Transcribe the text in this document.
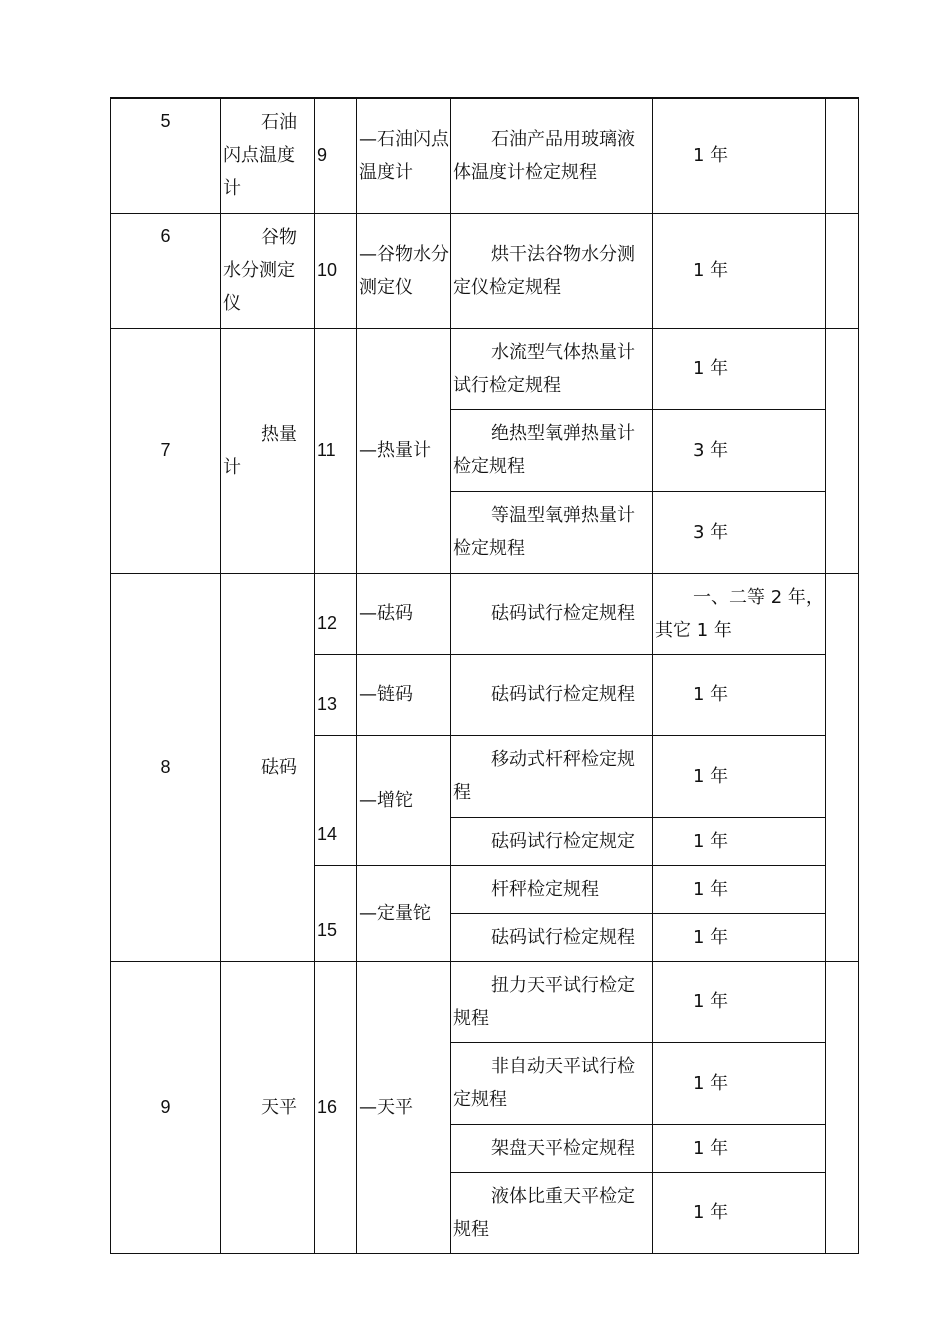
5	石油闪点温度计	9	—石油闪点温度计	石油产品用玻璃液体温度计检定规程	1 年	
6	谷物水分测定仪	10	—谷物水分测定仪	烘干法谷物水分测定仪检定规程	1 年	
7	热量计	11	—热量计	水流型气体热量计试行检定规程	1 年	
				绝热型氧弹热量计检定规程	3 年	
				等温型氧弹热量计检定规程	3 年	
8	砝码	12	—砝码	砝码试行检定规程	一、二等 2 年，其它 1 年	
		13	—链码	砝码试行检定规程	1 年	
		14	—增铊	移动式杆秤检定规程	1 年	
				砝码试行检定规定	1 年	
		15	—定量铊	杆秤检定规程	1 年	
				砝码试行检定规程	1 年	
9	天平	16	—天平	扭力天平试行检定规程	1 年	
				非自动天平试行检定规程	1 年	
				架盘天平检定规程	1 年	
				液体比重天平检定规程	1 年	
